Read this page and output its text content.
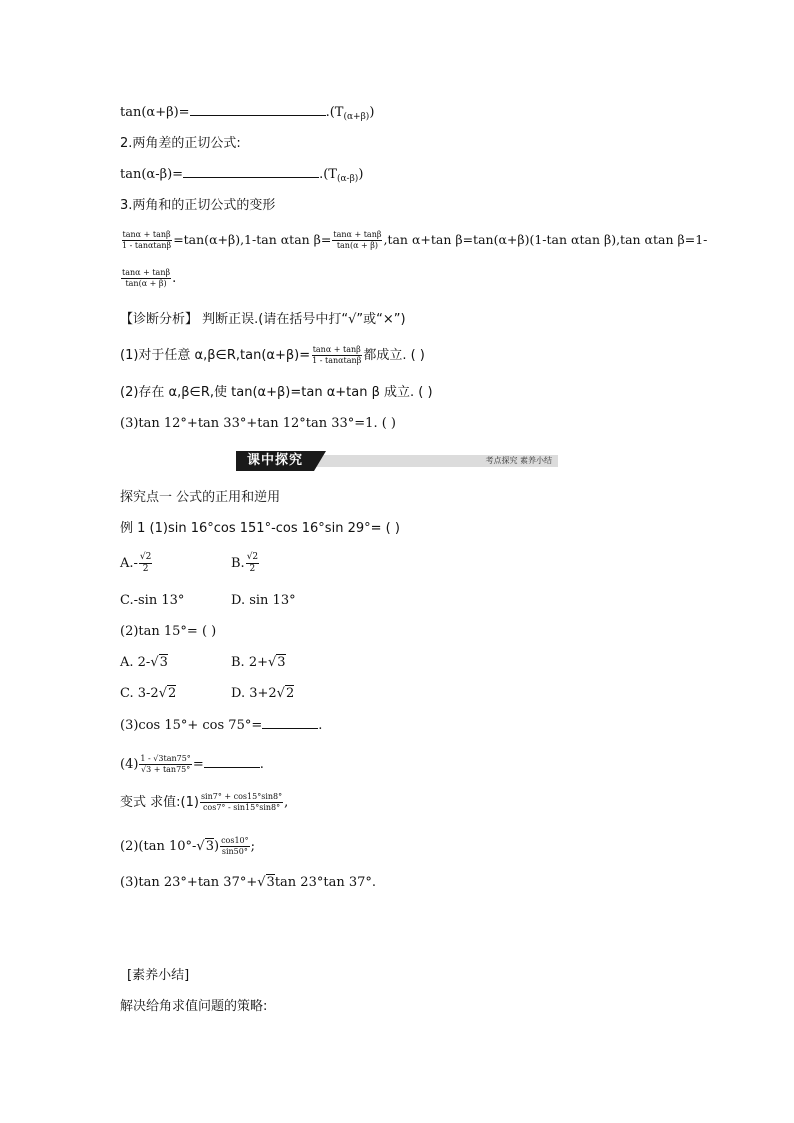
tan(α+β)=	$.(T_{(\alpha+\beta)})$
2.两角差的正切公式:
tan(α-β)=	$.(T_{(\alpha-\beta)})$
3.两角和的正切公式的变形
$\frac{\tan\alpha + \tan\beta}{1 - \tan\alpha\tan\beta} =\tan(\alpha+\beta),1-\tan$ αtan $\beta= \frac{\tan\alpha + \tan\beta}{\tan(\alpha + \beta)} ,\tan$ α+tan β=tan(α+β)(1-tan αtan β),tan αtan β=1-
$\frac{\tan\alpha + \tan\beta}{\tan(\alpha + \beta)}$ .
【诊断分析】 判断正误.(请在括号中打“√”或“×”)
(1)对于任意 α,β∈R,tan(α+β)= $\frac{\tan\alpha + \tan\beta}{1 - \tan\alpha\tan\beta}$ 都成立. ( )
(2)存在 α,β∈R,使 tan(α+β)=tan α+tan β 成立. ( )
(3)tan 12°+tan 33°+tan 12°tan 33°=1. ( )
课中探究	考点探究 素养小结
探究点一 公式的正用和逆用
例 1 (1)sin 16°cos 151°-cos 16°sin 29°= ( )
$A.- \frac{√2}{2}$	B. $\frac{√2}{2}$
C.-sin 13°	D. sin 13°
(2)tan 15°= ( )
A. 2-√3	B. 2+√3
C. 3-2√2	D. 3+2√2
(3)cos 15°+ cos 75°=	.
$(4) \frac{1 - √3\tan 75^\circ}{√3 + \tan 75^\circ}$ =	.
变式 求值:(1) $\frac{\sin 7^\circ + \cos 15^\circ\sin 8^\circ}{\cos 7^\circ - \sin 15^\circ\sin 8^\circ}$ ,
(2)(tan $10^\circ-√3) \frac{\cos 10^\circ}{\sin 50^\circ}$ ;
(3)tan 23°+tan 37°+√3tan 23°tan 37°.
[素养小结]
解决给角求值问题的策略:
